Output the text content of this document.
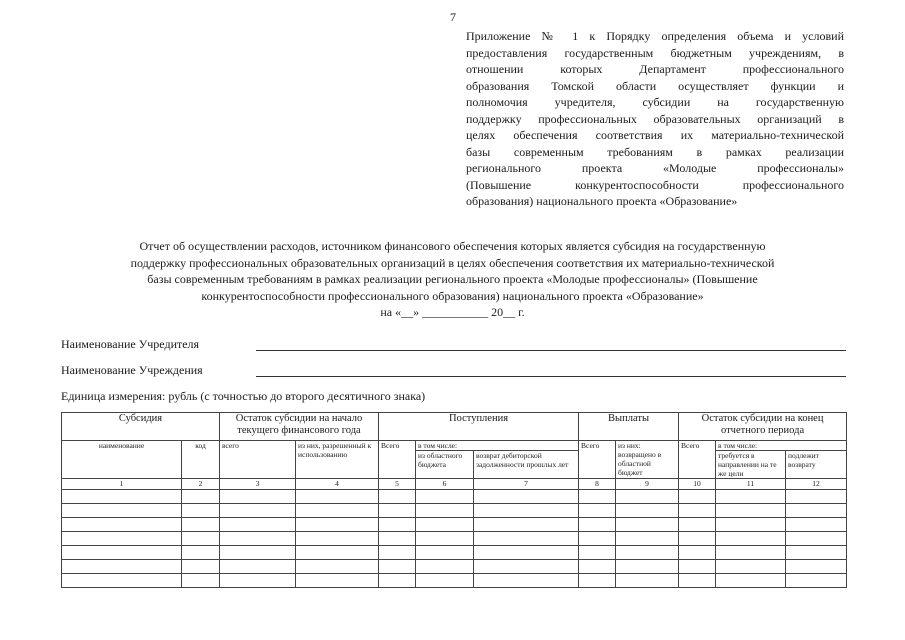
7
Приложение № 1 к Порядку определения объема и условий
предоставления государственным бюджетным учреждениям, в
отношении которых Департамент профессионального
образования Томской области осуществляет функции и
полномочия учредителя, субсидии на государственную
поддержку профессиональных образовательных организаций в
целях обеспечения соответствия их материально-технической
базы современным требованиям в рамках реализации
регионального проекта «Молодые профессионалы»
(Повышение конкурентоспособности профессионального
образования) национального проекта «Образование»
Отчет об осуществлении расходов, источником финансового обеспечения которых является субсидия на государственную
поддержку профессиональных образовательных организаций в целях обеспечения соответствия их материально-технической
базы современным требованиям в рамках реализации регионального проекта «Молодые профессионалы» (Повышение
конкурентоспособности профессионального образования) национального проекта «Образование»
на «__» ___________ 20__ г.
Наименование Учредителя
Наименование Учреждения
Единица измерения: рубль (с точностью до второго десятичного знака)
Субсидия		Остаток субсидии на начало текущего финансового года		Поступления			Выплаты		Остаток субсидии на конец отчетного периода		
наименование	код	всего	из них, разрешенный к использованию	Всего	в том числе:		Всего	из них: возвращено в областной бюджет	Всего	в том числе:	
					из областного бюджета	возврат дебиторской задолженности прошлых лет				требуется в направлении на те же цели	подлежит возврату
1	2	3	4	5	6	7	8	9	10	11	12
